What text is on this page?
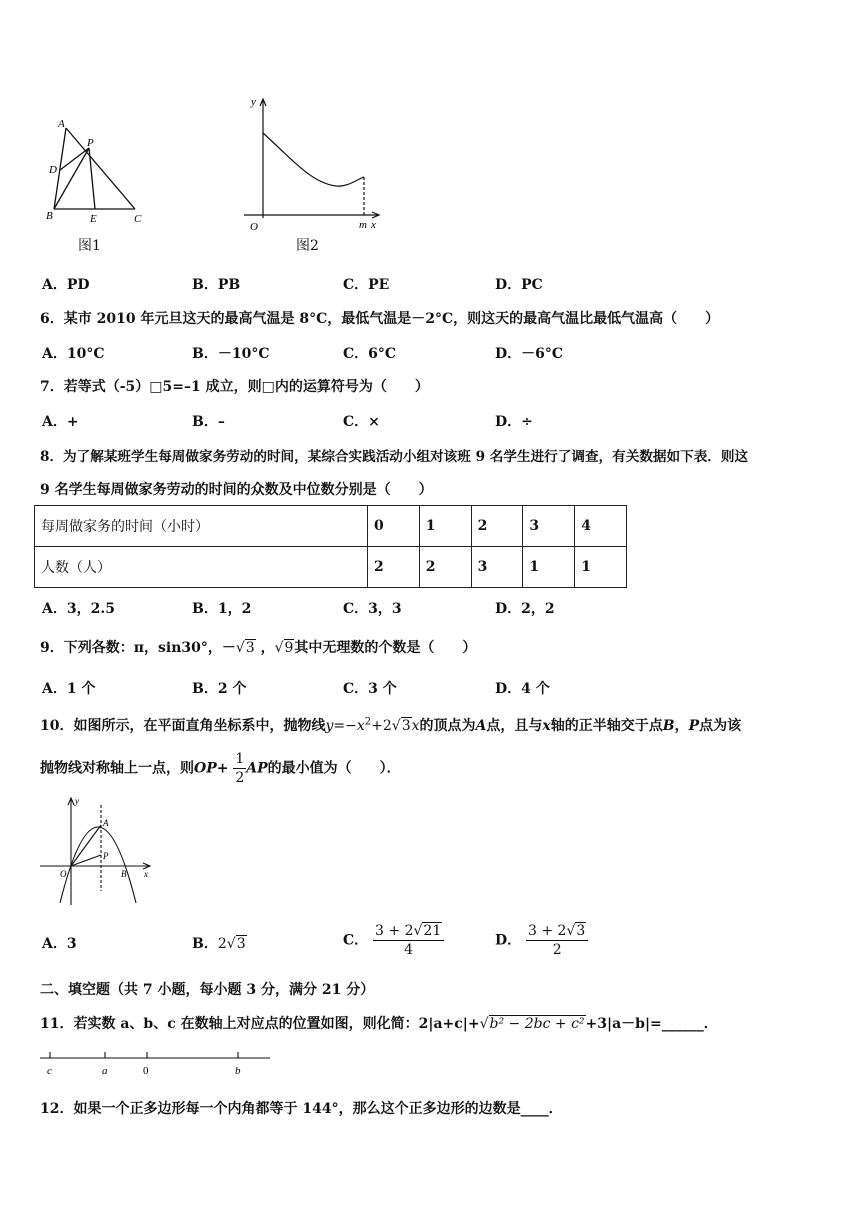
A
P
D
B	E	C
图1
y
O	m x
图2
A．PD	B．PB	C．PE	D．PC
6．某市 2010 年元旦这天的最高气温是 8°C，最低气温是－2°C，则这天的最高气温比最低气温高（　　）
A．10°C	B．－10°C	C．6°C	D．－6°C
7．若等式（-5）□5=–1 成立，则□内的运算符号为（　　）
A．+	B．–	C．×	D．÷
8．为了解某班学生每周做家务劳动的时间，某综合实践活动小组对该班 9 名学生进行了调查，有关数据如下表．则这
9 名学生每周做家务劳动的时间的众数及中位数分别是（　　）
每周做家务的时间（小时）	0	1	2	3	4
人数（人）	2	2	3	1	1
A．3，2.5	B．1，2	C．3，3	D．2，2
9．下列各数：π，sin30°，－√3 ，√9其中无理数的个数是（　　）
A．1 个	B．2 个	C．3 个	D．4 个
10．如图所示，在平面直角坐标系中，抛物线$y=-x^2+2√3x$的顶点为A点，且与x轴的正半轴交于点B，P点为该
抛物线对称轴上一点，则$OP+ \frac{1}{2}$ AP的最小值为（　　）．
y
A
P
O	B x
A．3	B．2√3	C． $\frac{3 + 2√21}{4}$	D． $\frac{3 + 2√3}{2}$
二、填空题（共 7 小题，每小题 3 分，满分 21 分）
11．若实数 a、b、c 在数轴上对应点的位置如图，则化简：2|a+c|+√b² − 2bc + c²+3|a－b|=______．
c	a	0	b
12．如果一个正多边形每一个内角都等于 144°，那么这个正多边形的边数是____．
